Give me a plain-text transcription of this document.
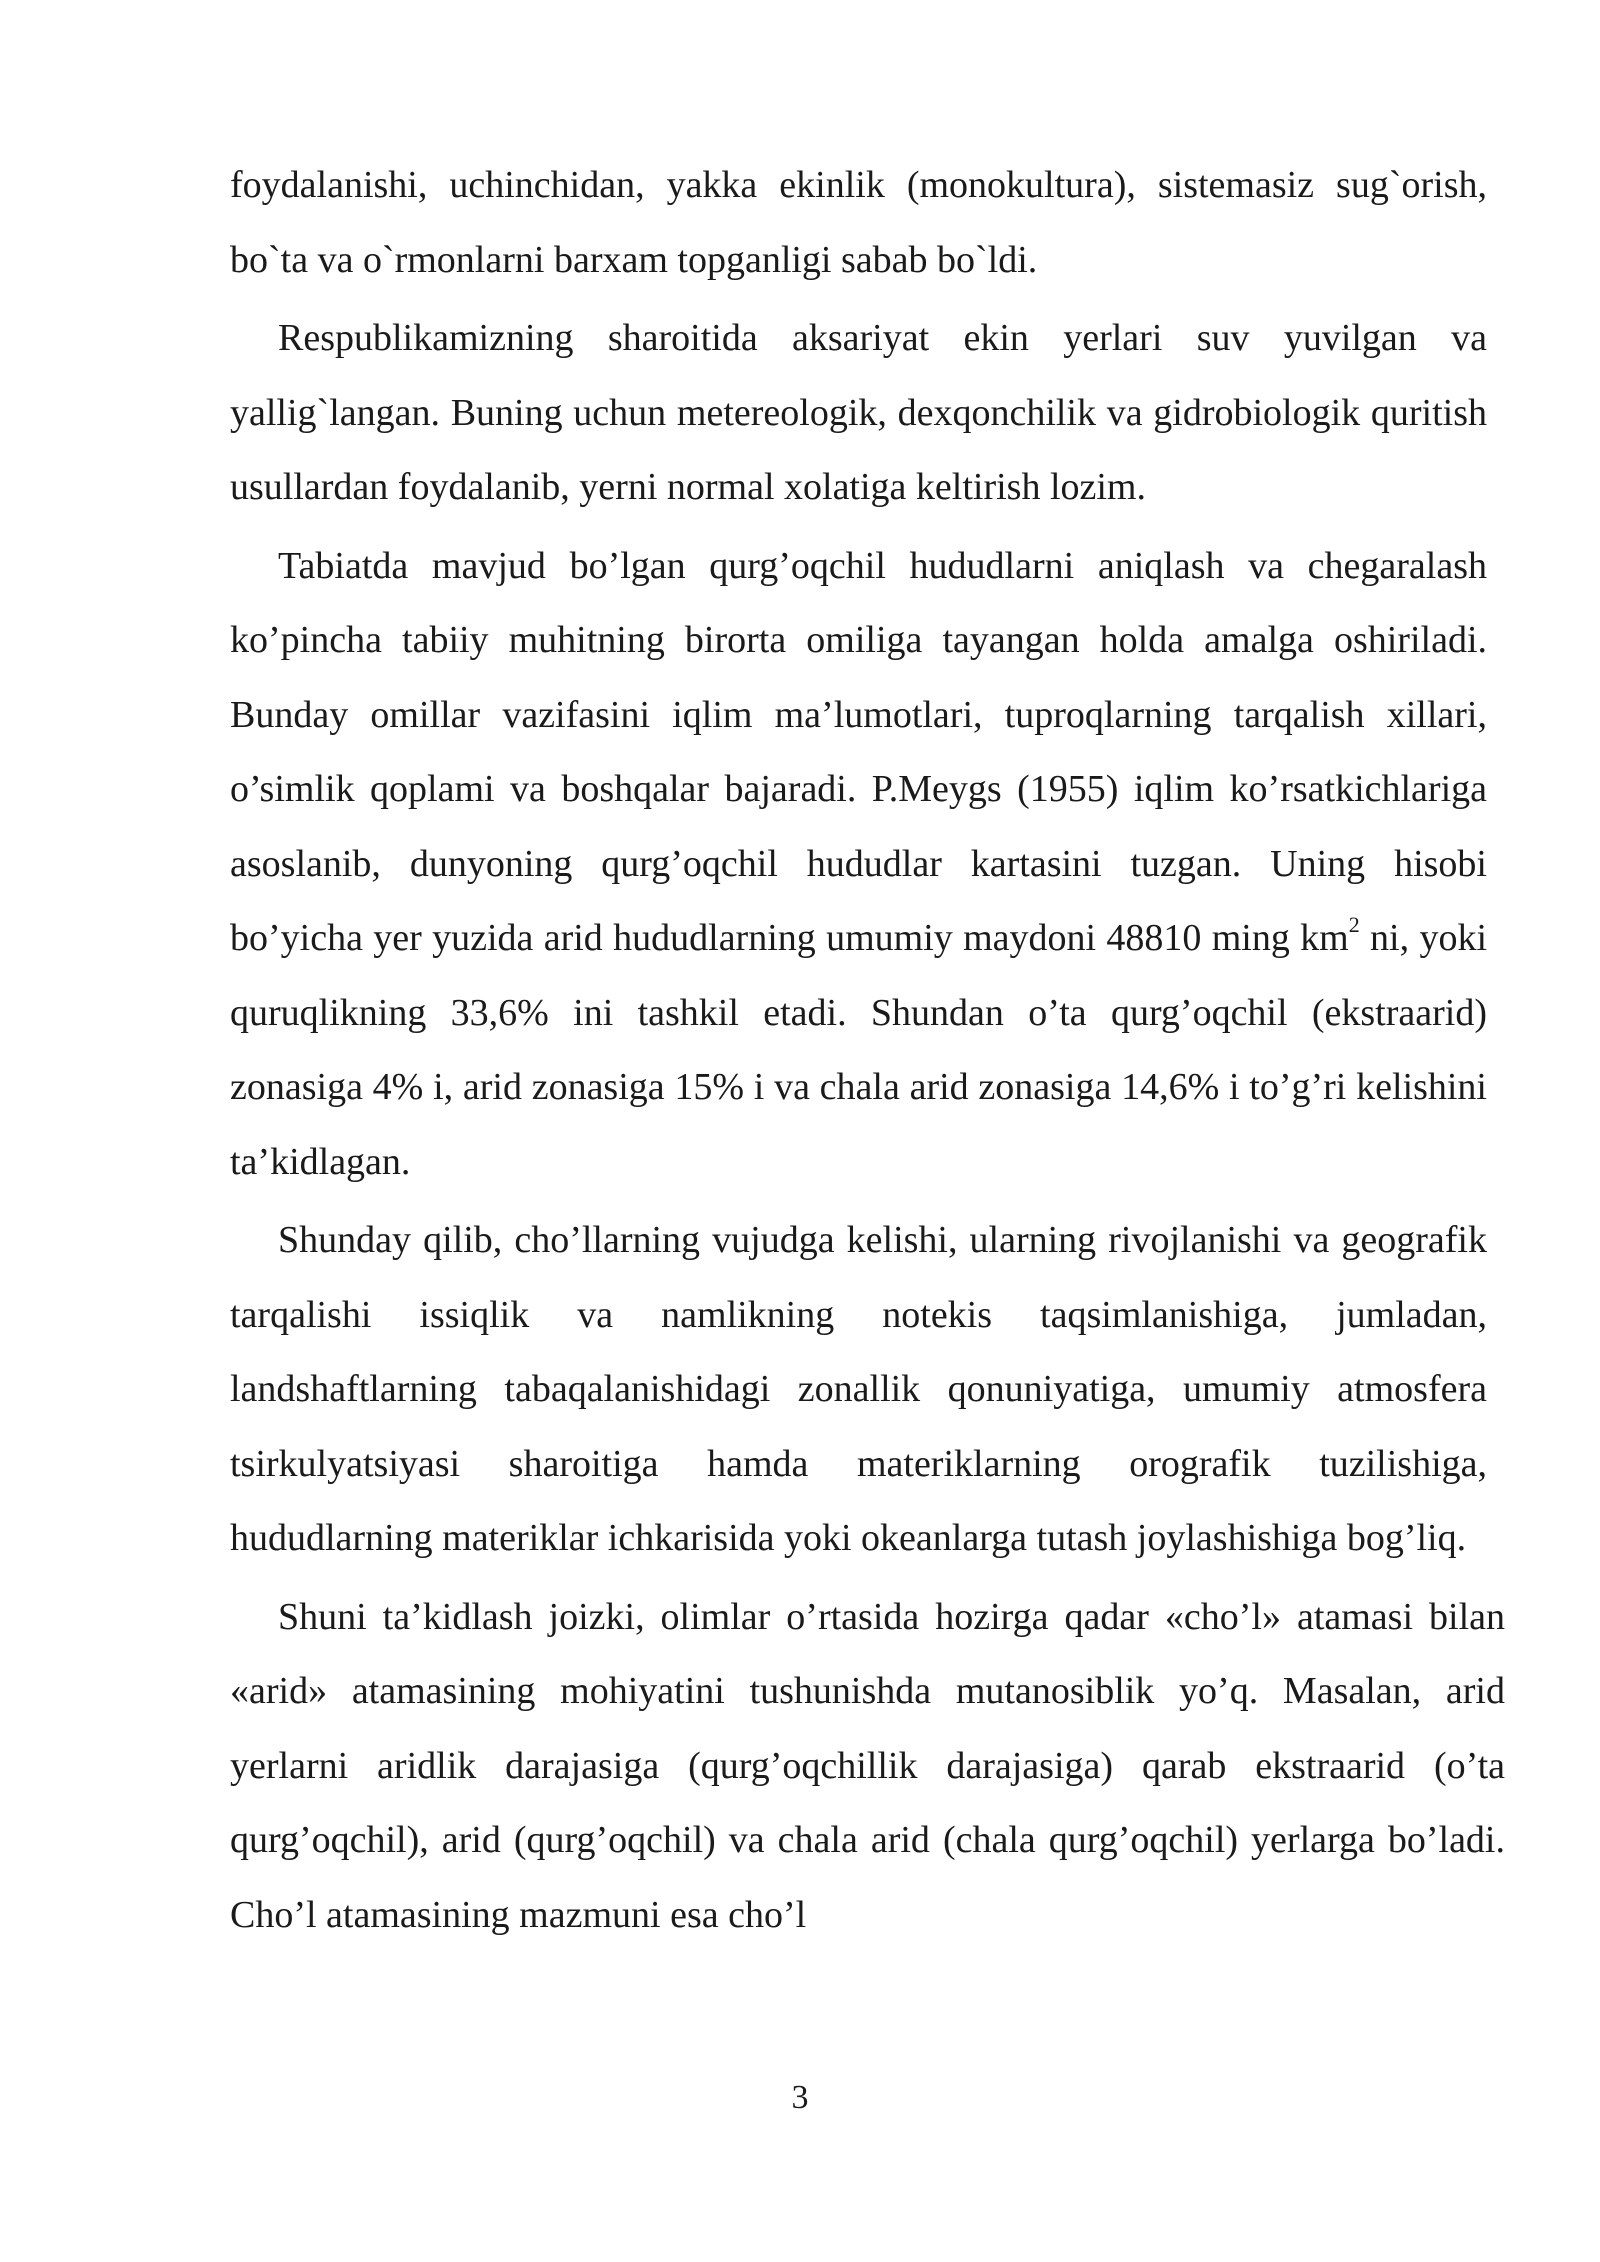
foydalanishi, uchinchidan, yakka ekinlik (monokultura), sistemasiz sug`orish, bo`ta va o`rmonlarni barxam topganligi sabab bo`ldi.

Respublikamizning sharoitida aksariyat ekin yerlari suv yuvilgan va yallig`langan. Buning uchun metereologik, dexqonchilik va gidrobiologik quritish usullardan foydalanib, yerni normal xolatiga keltirish lozim.

Tabiatda mavjud bo’lgan qurg’oqchil hududlarni aniqlash va chegaralash ko’pincha tabiiy muhitning birorta omiliga tayangan holda amalga oshiriladi. Bunday omillar vazifasini iqlim ma’lumotlari, tuproqlarning tarqalish xillari, o’simlik qoplami va boshqalar bajaradi. P.Meygs (1955) iqlim ko’rsatkichlariga asoslanib, dunyoning qurg’oqchil hududlar kartasini tuzgan. Uning hisobi bo’yicha yer yuzida arid hududlarning umumiy maydoni 48810 ming $km^2$ ni, yoki quruqlikning 33,6% ini tashkil etadi. Shundan o’ta qurg’oqchil (ekstraarid) zonasiga 4% i, arid zonasiga 15% i va chala arid zonasiga 14,6% i to’g’ri kelishini ta’kidlagan.

Shunday qilib, cho’llarning vujudga kelishi, ularning rivojlanishi va geografik tarqalishi issiqlik va namlikning notekis taqsimlanishiga, jumladan, landshaftlarning tabaqalanishidagi zonallik qonuniyatiga, umumiy atmosfera tsirkulyatsiyasi sharoitiga hamda materiklarning orografik tuzilishiga, hududlarning materiklar ichkarisida yoki okeanlarga tutash joylashishiga bog’liq.

Shuni ta’kidlash joizki, olimlar o’rtasida hozirga qadar «cho’l» atamasi bilan «arid» atamasining mohiyatini tushunishda mutanosiblik yo’q. Masalan, arid yerlarni aridlik darajasiga (qurg’oqchillik darajasiga) qarab ekstraarid (o’ta qurg’oqchil), arid (qurg’oqchil) va chala arid (chala qurg’oqchil) yerlarga bo’ladi. Cho’l atamasining mazmuni esa cho’l

3
